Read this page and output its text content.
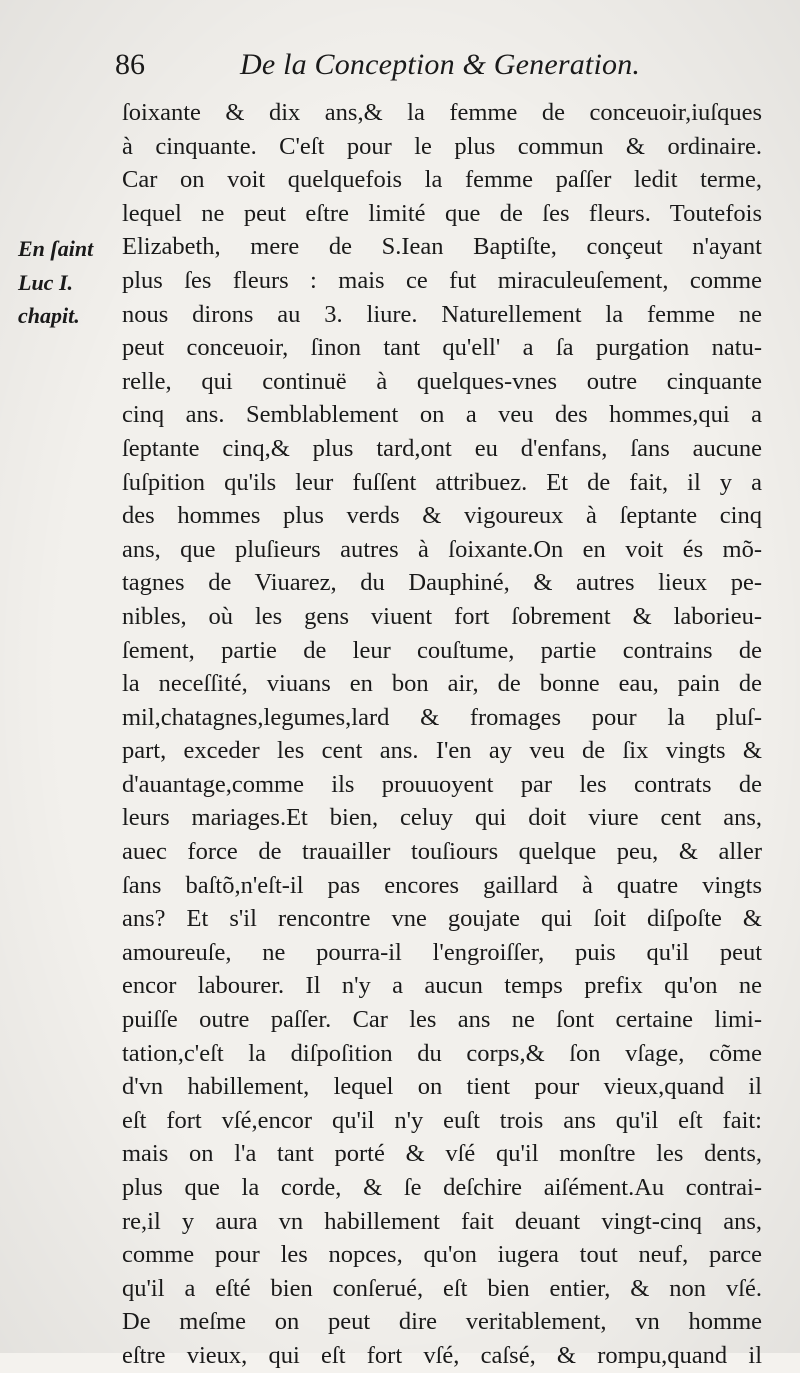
86	De la Conception & Generation.
En ſaint
Luc I.
chapit.
ſoixante & dix ans,& la femme de conceuoir,iuſques
à cinquante. C'eſt pour le plus commun & ordinaire.
Car on voit quelquefois la femme paſſer ledit terme,
lequel ne peut eſtre limité que de ſes fleurs. Toutefois
Elizabeth, mere de S.Iean Baptiſte, conçeut n'ayant
plus ſes fleurs : mais ce fut miraculeuſement, comme
nous dirons au 3. liure. Naturellement la femme ne
peut conceuoir, ſinon tant qu'ell' a ſa purgation natu-
relle, qui continuë à quelques-vnes outre cinquante
cinq ans. Semblablement on a veu des hommes,qui a
ſeptante cinq,& plus tard,ont eu d'enfans, ſans aucune
ſuſpition qu'ils leur fuſſent attribuez. Et de fait, il y a
des hommes plus verds & vigoureux à ſeptante cinq
ans, que pluſieurs autres à ſoixante.On en voit és mõ-
tagnes de Viuarez, du Dauphiné, & autres lieux pe-
nibles, où les gens viuent fort ſobrement & laborieu-
ſement, partie de leur couſtume, partie contrains de
la neceſſité, viuans en bon air, de bonne eau, pain de
mil,chatagnes,legumes,lard & fromages pour la pluſ-
part, exceder les cent ans. I'en ay veu de ſix vingts &
d'auantage,comme ils prouuoyent par les contrats de
leurs mariages.Et bien, celuy qui doit viure cent ans,
auec force de trauailler touſiours quelque peu, & aller
ſans baſtõ,n'eſt-il pas encores gaillard à quatre vingts
ans? Et s'il rencontre vne goujate qui ſoit diſpoſte &
amoureuſe, ne pourra-il l'engroiſſer, puis qu'il peut
encor labourer. Il n'y a aucun temps prefix qu'on ne
puiſſe outre paſſer. Car les ans ne ſont certaine limi-
tation,c'eſt la diſpoſition du corps,& ſon vſage, cõme
d'vn habillement, lequel on tient pour vieux,quand il
eſt fort vſé,encor qu'il n'y euſt trois ans qu'il eſt fait:
mais on l'a tant porté & vſé qu'il monſtre les dents,
plus que la corde, & ſe deſchire aiſément.Au contrai-
re,il y aura vn habillement fait deuant vingt-cinq ans,
comme pour les nopces, qu'on iugera tout neuf, parce
qu'il a eſté bien conſerué, eſt bien entier, & non vſé.
De meſme on peut dire veritablement, vn homme
eſtre vieux, qui eſt fort vſé, caſsé, & rompu,quand il
